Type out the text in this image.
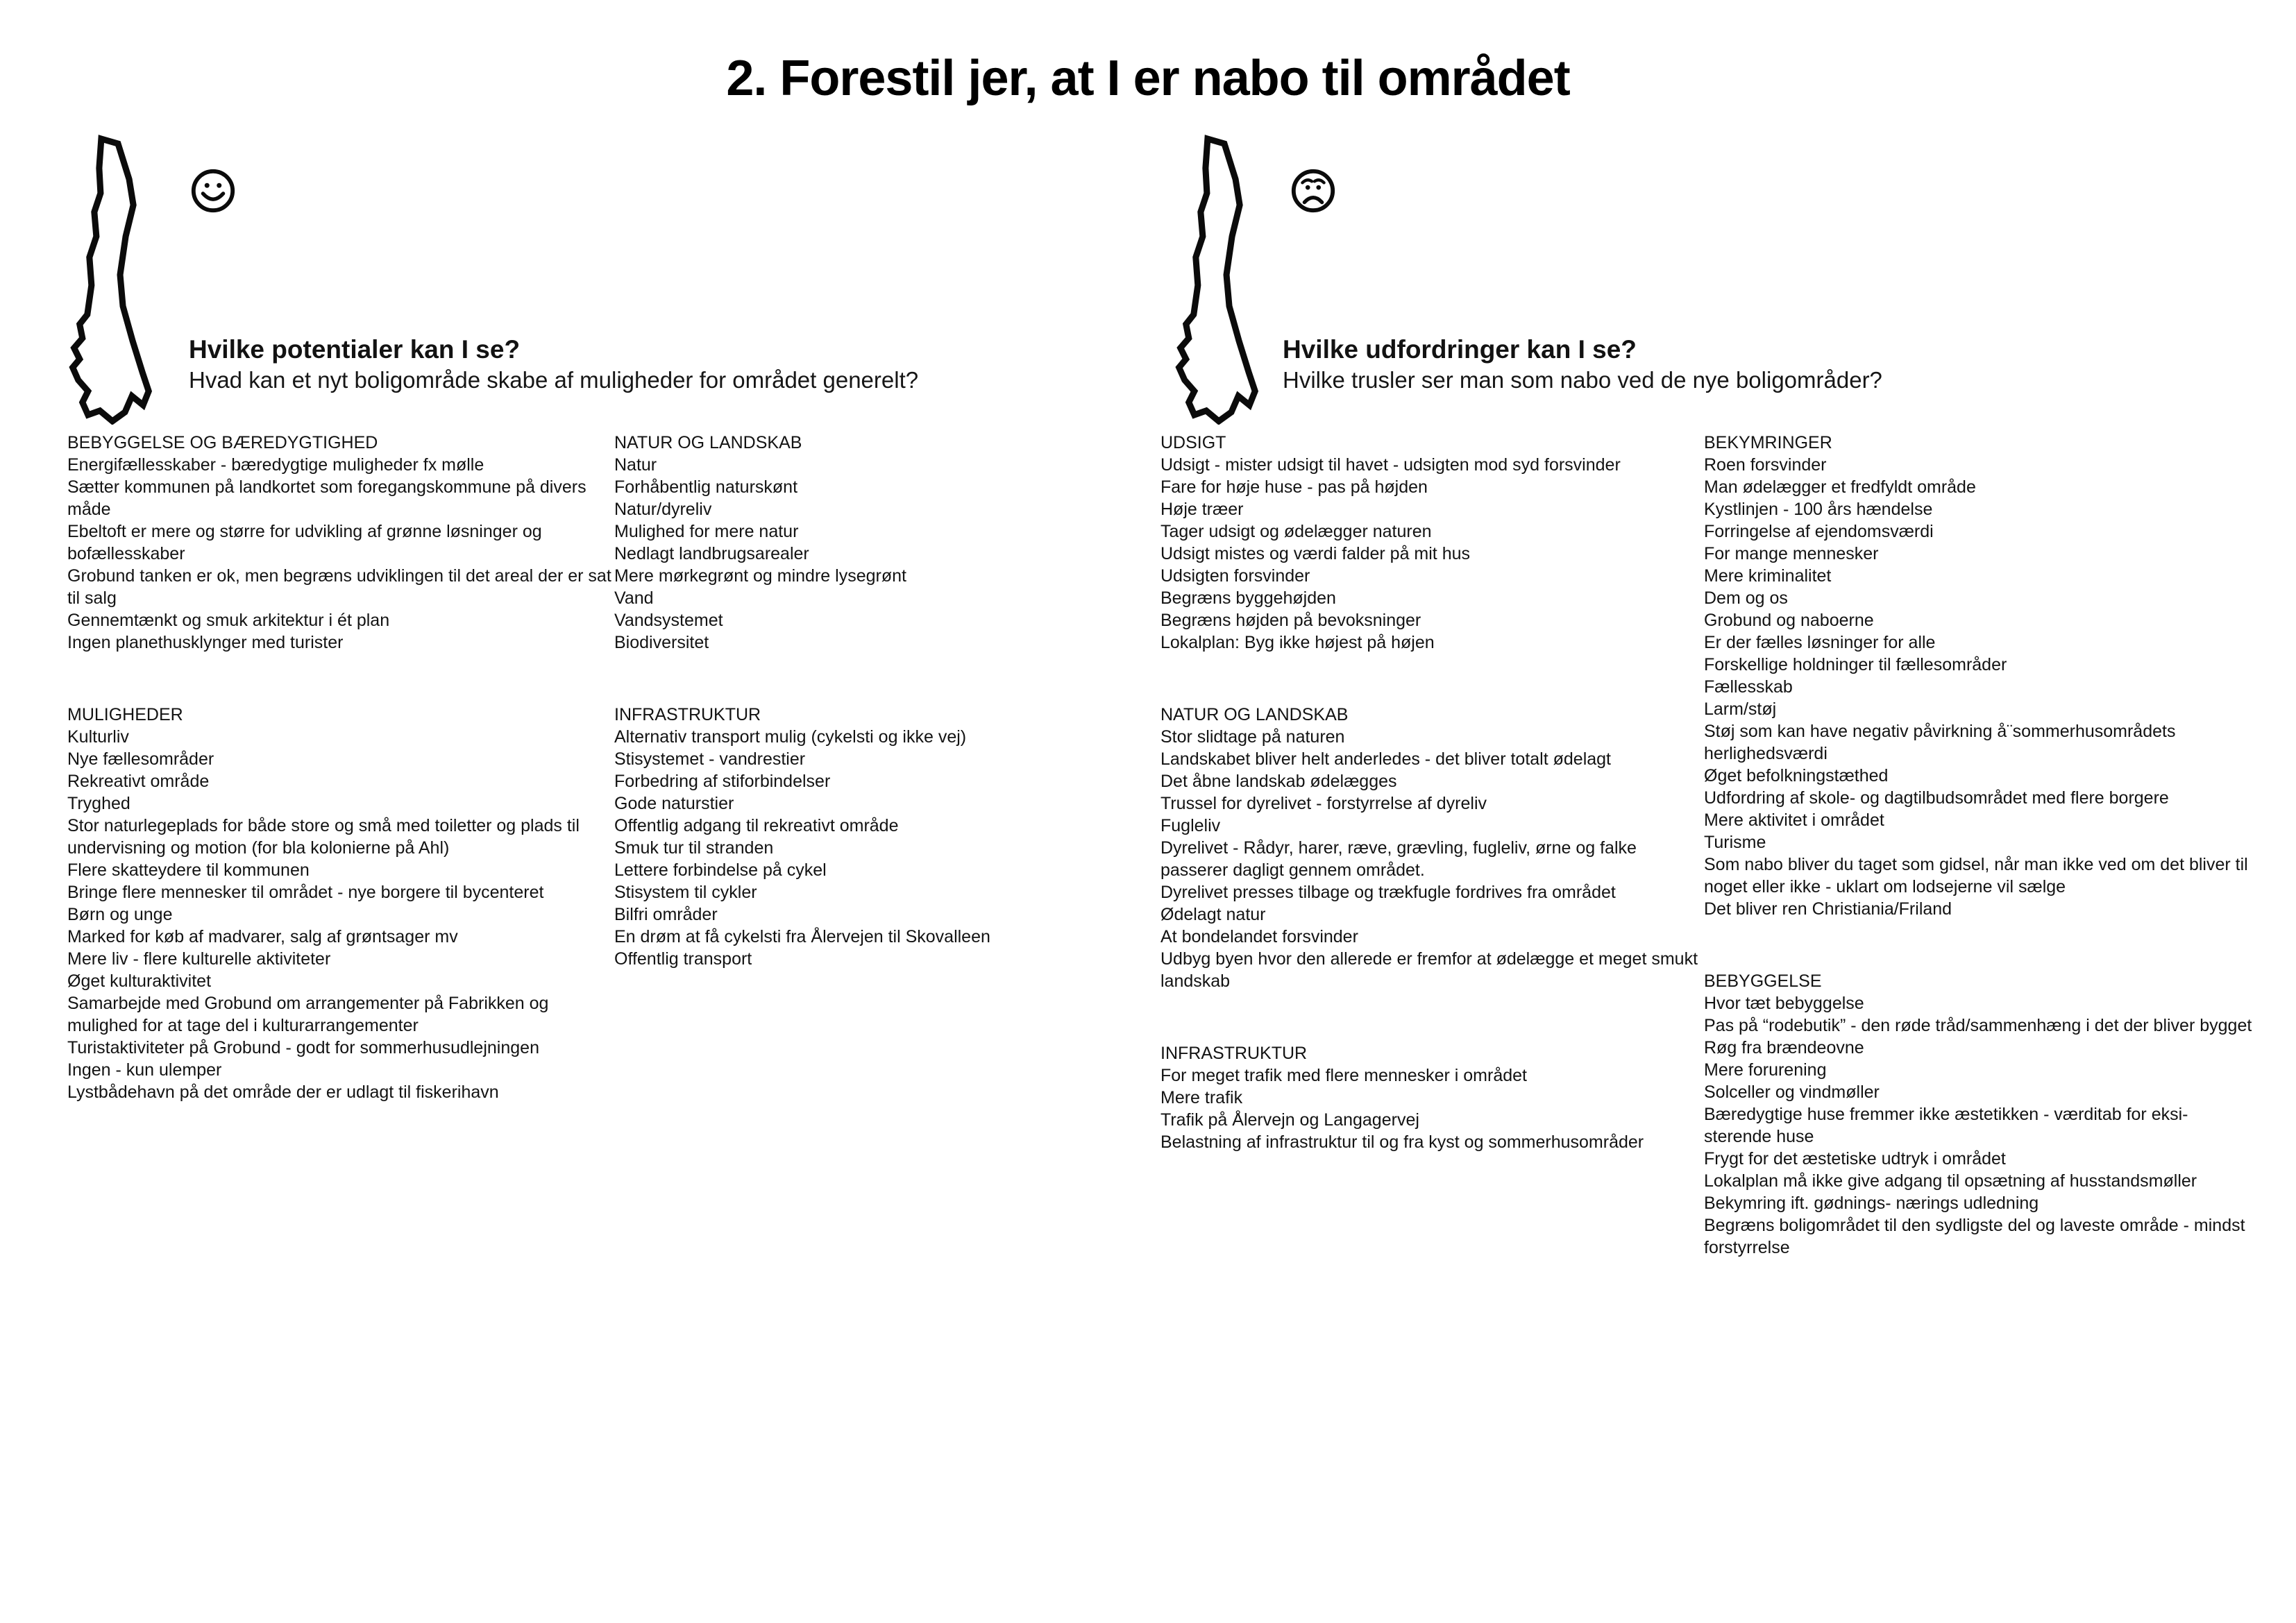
2. Forestil jer, at I er nabo til området
Hvilke potentialer kan I se?
Hvad kan et nyt boligområde skabe af muligheder for området generelt?
Hvilke udfordringer kan I se?
Hvilke trusler ser man som nabo ved de nye boligområder?

BEBYGGELSE OG BÆREDYGTIGHED

Energifællesskaber - bæredygtige muligheder fx mølle

Sætter kommunen på landkortet som foregangskommune på divers måde

Ebeltoft er mere og større for udvikling af grønne løsninger og bofællesskaber

Grobund tanken er ok, men begræns udviklingen til det areal der er sat til salg

Gennemtænkt og smuk arkitektur i ét plan

Ingen planethusklynger med turister

MULIGHEDER

Kulturliv

Nye fællesområder

Rekreativt område

Tryghed

Stor naturlegeplads for både store og små med toiletter og plads til undervisning og motion (for bla kolonierne på Ahl)

Flere skatteydere til kommunen

Bringe flere mennesker til området - nye borgere til bycenteret

Børn og unge

Marked for køb af madvarer, salg af grøntsager mv

Mere liv - flere kulturelle aktiviteter

Øget kulturaktivitet

Samarbejde med Grobund om arrangementer på Fabrikken og mulighed for at tage del i kulturarrangementer

Turistaktiviteter på Grobund - godt for sommerhusudlejningen

Ingen - kun ulemper

Lystbådehavn på det område der er udlagt til fiskerihavn

NATUR OG LANDSKAB

Natur

Forhåbentlig naturskønt

Natur/dyreliv

Mulighed for mere natur

Nedlagt landbrugsarealer

Mere mørkegrønt og mindre lysegrønt

Vand

Vandsystemet

Biodiversitet

INFRASTRUKTUR

Alternativ transport mulig (cykelsti og ikke vej)

Stisystemet - vandrestier

Forbedring af stiforbindelser

Gode naturstier

Offentlig adgang til rekreativt område

Smuk tur til stranden

Lettere forbindelse på cykel

Stisystem til cykler

Bilfri områder

En drøm at få cykelsti fra Ålervejen til Skovalleen

Offentlig transport

UDSIGT

Udsigt - mister udsigt til havet - udsigten mod syd forsvinder

Fare for høje huse - pas på højden

Høje træer

Tager udsigt og ødelægger naturen

Udsigt mistes og værdi falder på mit hus

Udsigten forsvinder

Begræns byggehøjden

Begræns højden på bevoksninger

Lokalplan: Byg ikke højest på højen

NATUR OG LANDSKAB

Stor slidtage på naturen

Landskabet bliver helt anderledes - det bliver totalt ødelagt

Det åbne landskab ødelægges

Trussel for dyrelivet - forstyrrelse af dyreliv

Fugleliv

Dyrelivet - Rådyr, harer, ræve, grævling, fugleliv, ørne og falke passerer dagligt gennem området.

Dyrelivet presses tilbage og trækfugle fordrives fra området

Ødelagt natur

At bondelandet forsvinder

Udbyg byen hvor den allerede er fremfor at ødelægge et meget smukt landskab

INFRASTRUKTUR

For meget trafik med flere mennesker i området

Mere trafik

Trafik på Ålervejn og Langagervej

Belastning af infrastruktur til og fra kyst og sommerhusområder

BEKYMRINGER

Roen forsvinder

Man ødelægger et fredfyldt område

Kystlinjen - 100 års hændelse

Forringelse af ejendomsværdi

For mange mennesker

Mere kriminalitet

Dem og os

Grobund og naboerne

Er der fælles løsninger for alle

Forskellige holdninger til fællesområder

Fællesskab

Larm/støj

Støj som kan have negativ påvirkning å¨sommerhusområdets herlighedsværdi

Øget befolkningstæthed

Udfordring af skole- og dagtilbudsområdet med flere borgere

Mere aktivitet i området

Turisme

Som nabo bliver du taget som gidsel, når man ikke ved om det bliver til noget eller ikke - uklart om lodsejerne vil sælge

Det bliver ren Christiania/Friland

BEBYGGELSE

Hvor tæt bebyggelse

Pas på “rodebutik” - den røde tråd/sammenhæng i det der bliver bygget

Røg fra brændeovne

Mere forurening

Solceller og vindmøller

Bæredygtige huse fremmer ikke æstetikken - værditab for eksi-sterende huse

Frygt for det æstetiske udtryk i området

Lokalplan må ikke give adgang til opsætning af husstandsmøller

Bekymring ift. gødnings- nærings udledning

Begræns boligområdet til den sydligste del og laveste område - mindst forstyrrelse
